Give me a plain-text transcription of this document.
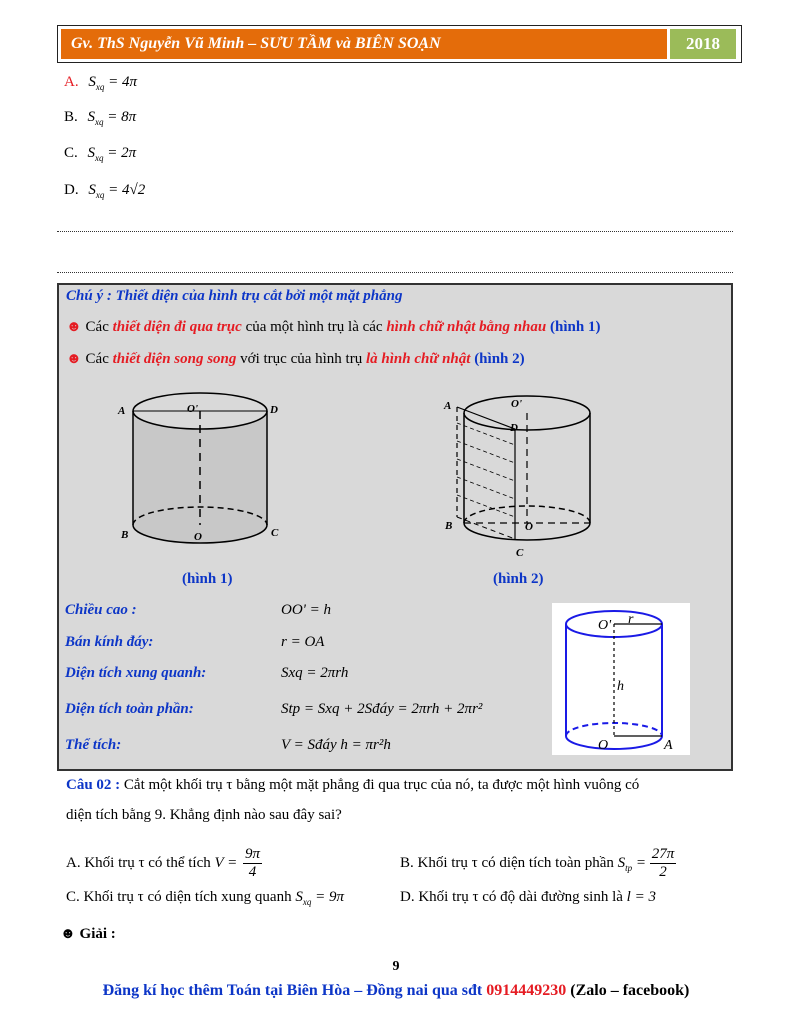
Gv. ThS Nguyễn Vũ Minh – SƯU TẦM và BIÊN SOẠN	2018
A. $S_{xq} = 4\pi$
B. $S_{xq} = 8\pi$
C. $S_{xq} = 2\pi$
D. $S_{xq} = 4√2$
Chú ý : Thiết diện của hình trụ cắt bởi một mặt phẳng
☻ Các thiết diện đi qua trục của một hình trụ là các hình chữ nhật bằng nhau (hình 1)
☻ Các thiết diện song song với trục của hình trụ là hình chữ nhật (hình 2)
A	D
O'
B	C
O
(hình 1)
A	O'
D
B	O
C
(hình 2)
O' r
h
O	A
Chiều cao :	OO' = h
Bán kính đáy:	r = OA
Diện tích xung quanh:	Sxq = 2πrh
Diện tích toàn phần:	Stp = Sxq + 2Sđáy = 2πrh + 2πr²
Thể tích:	V = Sđáy h = πr²h
Câu 02 : Cắt một khối trụ τ bằng một mặt phẳng đi qua trục của nó, ta được một hình vuông có
diện tích bằng 9. Khẳng định nào sau đây sai?
A. Khối trụ τ có thể tích $V = \frac{9\pi}{4}$	B. Khối trụ τ có diện tích toàn phần $S_{tp} = \frac{27\pi}{2}$
C. Khối trụ τ có diện tích xung quanh $S_{xq} = 9\pi$	D. Khối trụ τ có độ dài đường sinh là l = 3
☻ Giải :
9
Đăng kí học thêm Toán tại Biên Hòa – Đồng nai qua sđt 0914449230 (Zalo – facebook)
